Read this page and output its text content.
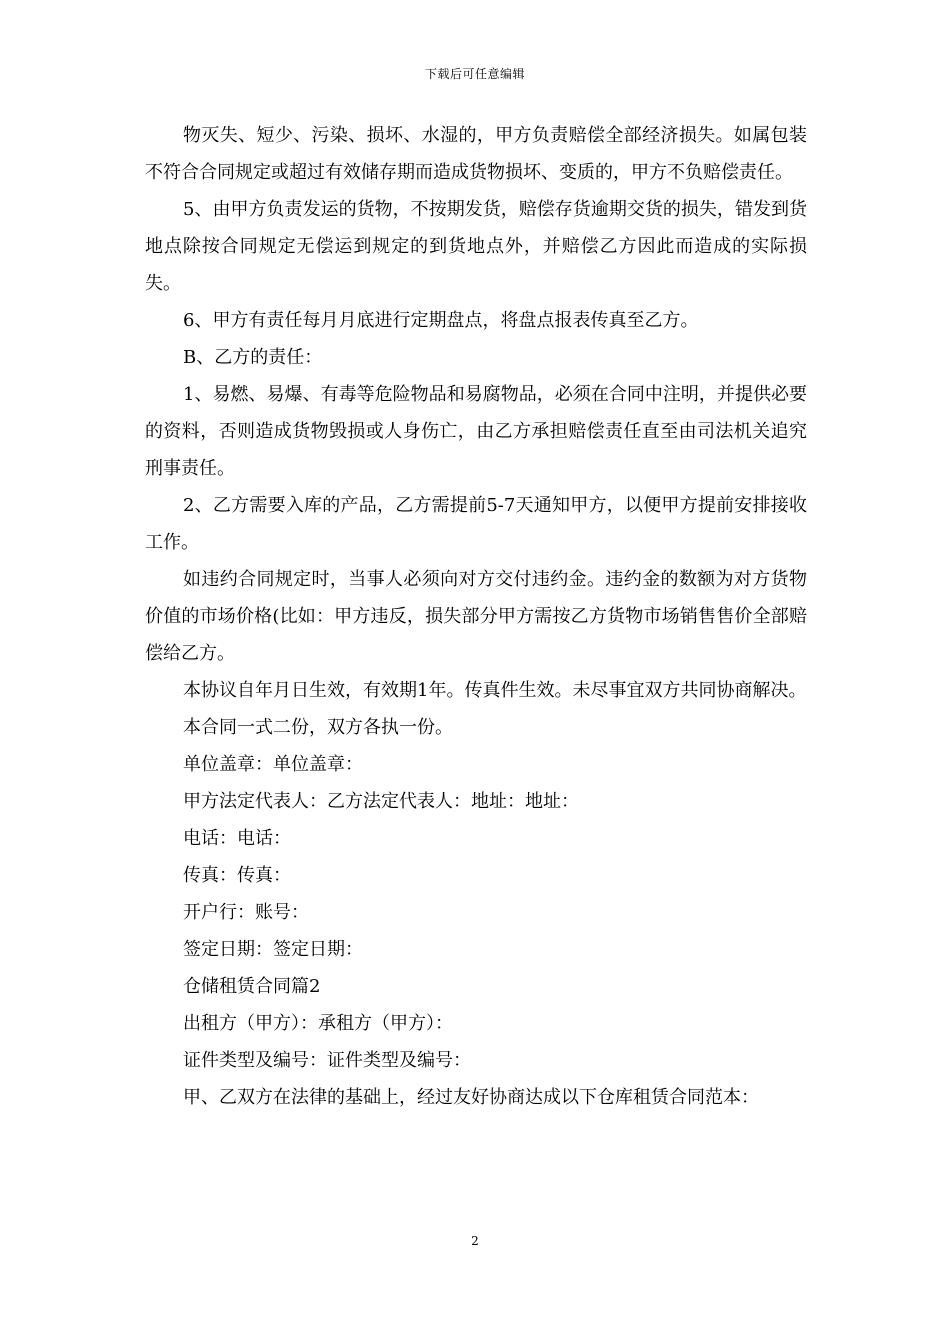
下载后可任意编辑

物灭失、短少、污染、损坏、水湿的，甲方负责赔偿全部经济损失。如属包装不符合合同规定或超过有效储存期而造成货物损坏、变质的，甲方不负赔偿责任。

5、由甲方负责发运的货物，不按期发货，赔偿存货逾期交货的损失，错发到货地点除按合同规定无偿运到规定的到货地点外，并赔偿乙方因此而造成的实际损失。

6、甲方有责任每月月底进行定期盘点，将盘点报表传真至乙方。

B、乙方的责任：

1、易燃、易爆、有毒等危险物品和易腐物品，必须在合同中注明，并提供必要的资料，否则造成货物毁损或人身伤亡，由乙方承担赔偿责任直至由司法机关追究刑事责任。

2、乙方需要入库的产品，乙方需提前5-7天通知甲方，以便甲方提前安排接收工作。

如违约合同规定时，当事人必须向对方交付违约金。违约金的数额为对方货物价值的市场价格(比如：甲方违反，损失部分甲方需按乙方货物市场销售售价全部赔偿给乙方。

本协议自年月日生效，有效期1年。传真件生效。未尽事宜双方共同协商解决。

本合同一式二份，双方各执一份。

单位盖章：单位盖章：

甲方法定代表人：乙方法定代表人：地址：地址：

电话：电话：

传真：传真：

开户行：账号：

签定日期：签定日期：

仓储租赁合同篇2

出租方（甲方）：承租方（甲方）：

证件类型及编号：证件类型及编号：

甲、乙双方在法律的基础上，经过友好协商达成以下仓库租赁合同范本：

2
